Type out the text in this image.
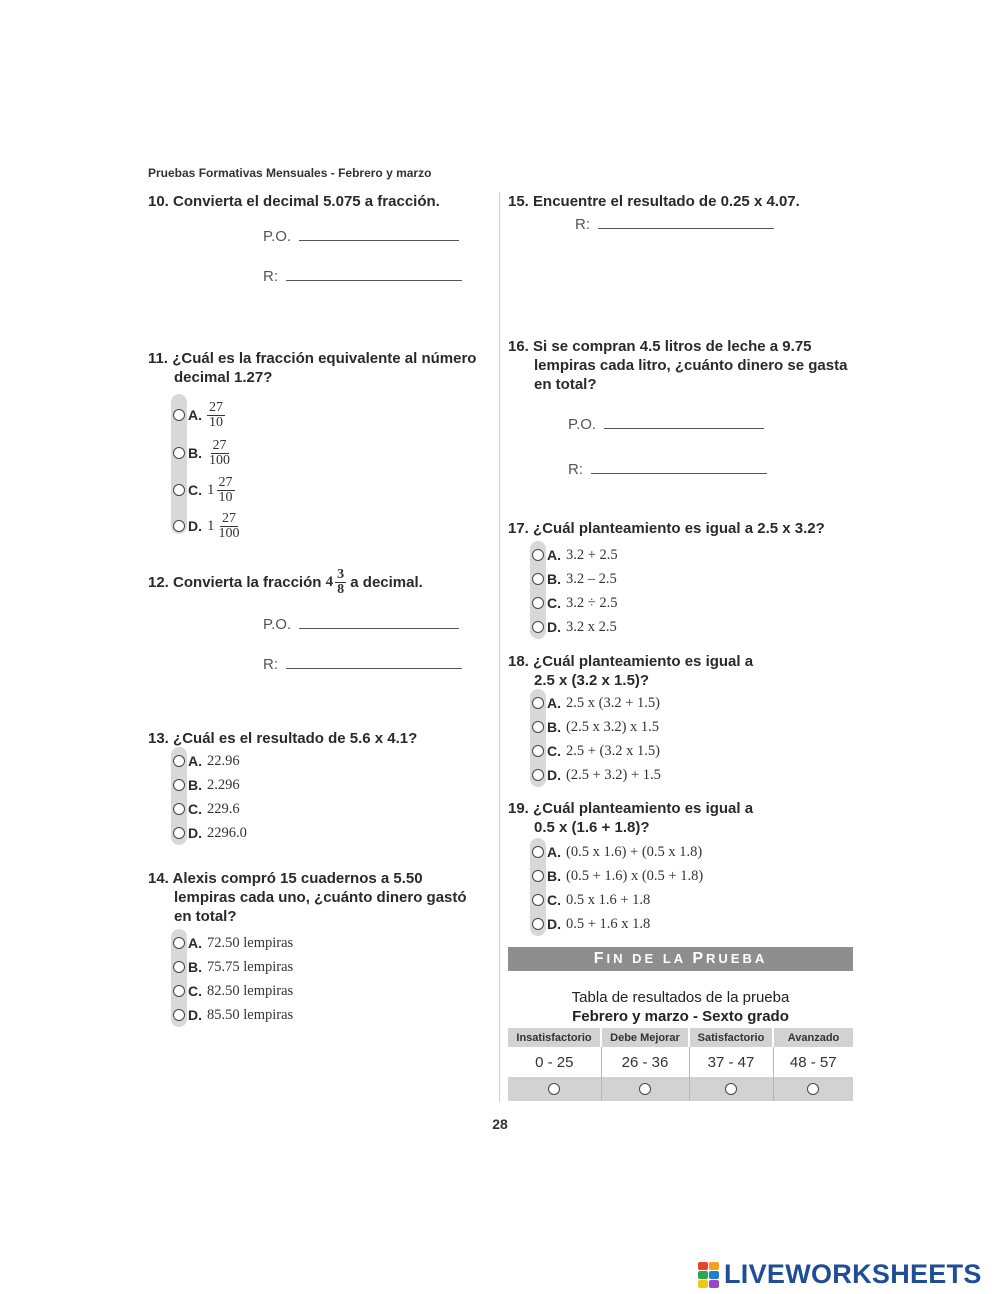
Pruebas Formativas Mensuales - Febrero y marzo
10. Convierta el decimal 5.075 a fracción.
P.O.
R:
11. ¿Cuál es la fracción equivalente al número
decimal 1.27?
A. $\frac{27}{10}$
B. $\frac{27}{100}$
C. $1 \frac{27}{10}$
D. $1 \frac{27}{100}$
12.
Convierta la fracción
$4 \frac{3}{8}$
a decimal.
P.O.
R:
13. ¿Cuál es el resultado de 5.6 x 4.1?
A. 22.96
B. 2.296
C. 229.6
D. 2296.0
14. Alexis compró 15 cuadernos a 5.50
lempiras cada uno, ¿cuánto dinero gastó
en total?
A. 72.50 lempiras
B. 75.75 lempiras
C. 82.50 lempiras
D. 85.50 lempiras
15. Encuentre el resultado de 0.25 x 4.07.
R:
16. Si se compran 4.5 litros de leche a 9.75
lempiras cada litro, ¿cuánto dinero se gasta
en total?
P.O.
R:
17. ¿Cuál planteamiento es igual a 2.5 x 3.2?
A. 3.2 + 2.5
B. 3.2 – 2.5
C. 3.2 ÷ 2.5
D. 3.2 x 2.5
18. ¿Cuál planteamiento es igual a
2.5 x (3.2 x 1.5)?
A. 2.5 x (3.2 + 1.5)
B. (2.5 x 3.2) x 1.5
C. 2.5 + (3.2 x 1.5)
D. (2.5 + 3.2) + 1.5
19. ¿Cuál planteamiento es igual a
0.5 x (1.6 + 1.8)?
A. (0.5 x 1.6) + (0.5 x 1.8)
B. (0.5 + 1.6) x (0.5 + 1.8)
C. 0.5 x 1.6 + 1.8
D. 0.5 + 1.6 x 1.8
FIN DE LA PRUEBA
Tabla de resultados de la prueba
Febrero y marzo - Sexto grado
Insatisfactorio	Debe Mejorar	Satisfactorio	Avanzado
0 - 25	26 - 36	37 - 47	48 - 57

28
LIVEWORKSHEETS
